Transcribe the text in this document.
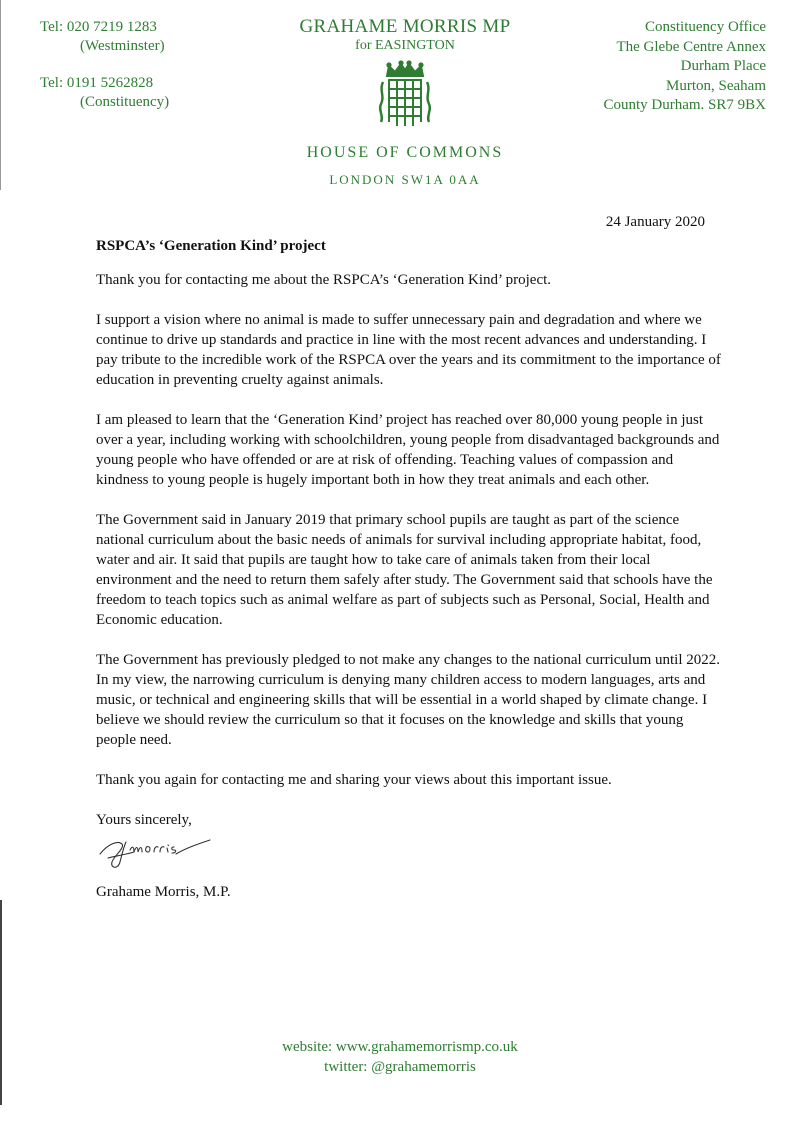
Tel: 020 7219 1283
(Westminster)
Tel: 0191 5262828
(Constituency)
GRAHAME MORRIS MP
for EASINGTON
Constituency Office
The Glebe Centre Annex
Durham Place
Murton, Seaham
County Durham. SR7 9BX
HOUSE OF COMMONS
LONDON SW1A 0AA
24 January 2020
RSPCA’s ‘Generation Kind’ project

Thank you for contacting me about the RSPCA’s ‘Generation Kind’ project.

I support a vision where no animal is made to suffer unnecessary pain and degradation and where we continue to drive up standards and practice in line with the most recent advances and understanding. I pay tribute to the incredible work of the RSPCA over the years and its commitment to the importance of education in preventing cruelty against animals.

I am pleased to learn that the ‘Generation Kind’ project has reached over 80,000 young people in just over a year, including working with schoolchildren, young people from disadvantaged backgrounds and young people who have offended or are at risk of offending. Teaching values of compassion and kindness to young people is hugely important both in how they treat animals and each other.

The Government said in January 2019 that primary school pupils are taught as part of the science national curriculum about the basic needs of animals for survival including appropriate habitat, food, water and air. It said that pupils are taught how to take care of animals taken from their local environment and the need to return them safely after study. The Government said that schools have the freedom to teach topics such as animal welfare as part of subjects such as Personal, Social, Health and Economic education.

The Government has previously pledged to not make any changes to the national curriculum until 2022. In my view, the narrowing curriculum is denying many children access to modern languages, arts and music, or technical and engineering skills that will be essential in a world shaped by climate change. I believe we should review the curriculum so that it focuses on the knowledge and skills that young people need.

Thank you again for contacting me and sharing your views about this important issue.

Yours sincerely,
Grahame Morris, M.P.
website: www.grahamemorrismp.co.uk
twitter: @grahamemorris
